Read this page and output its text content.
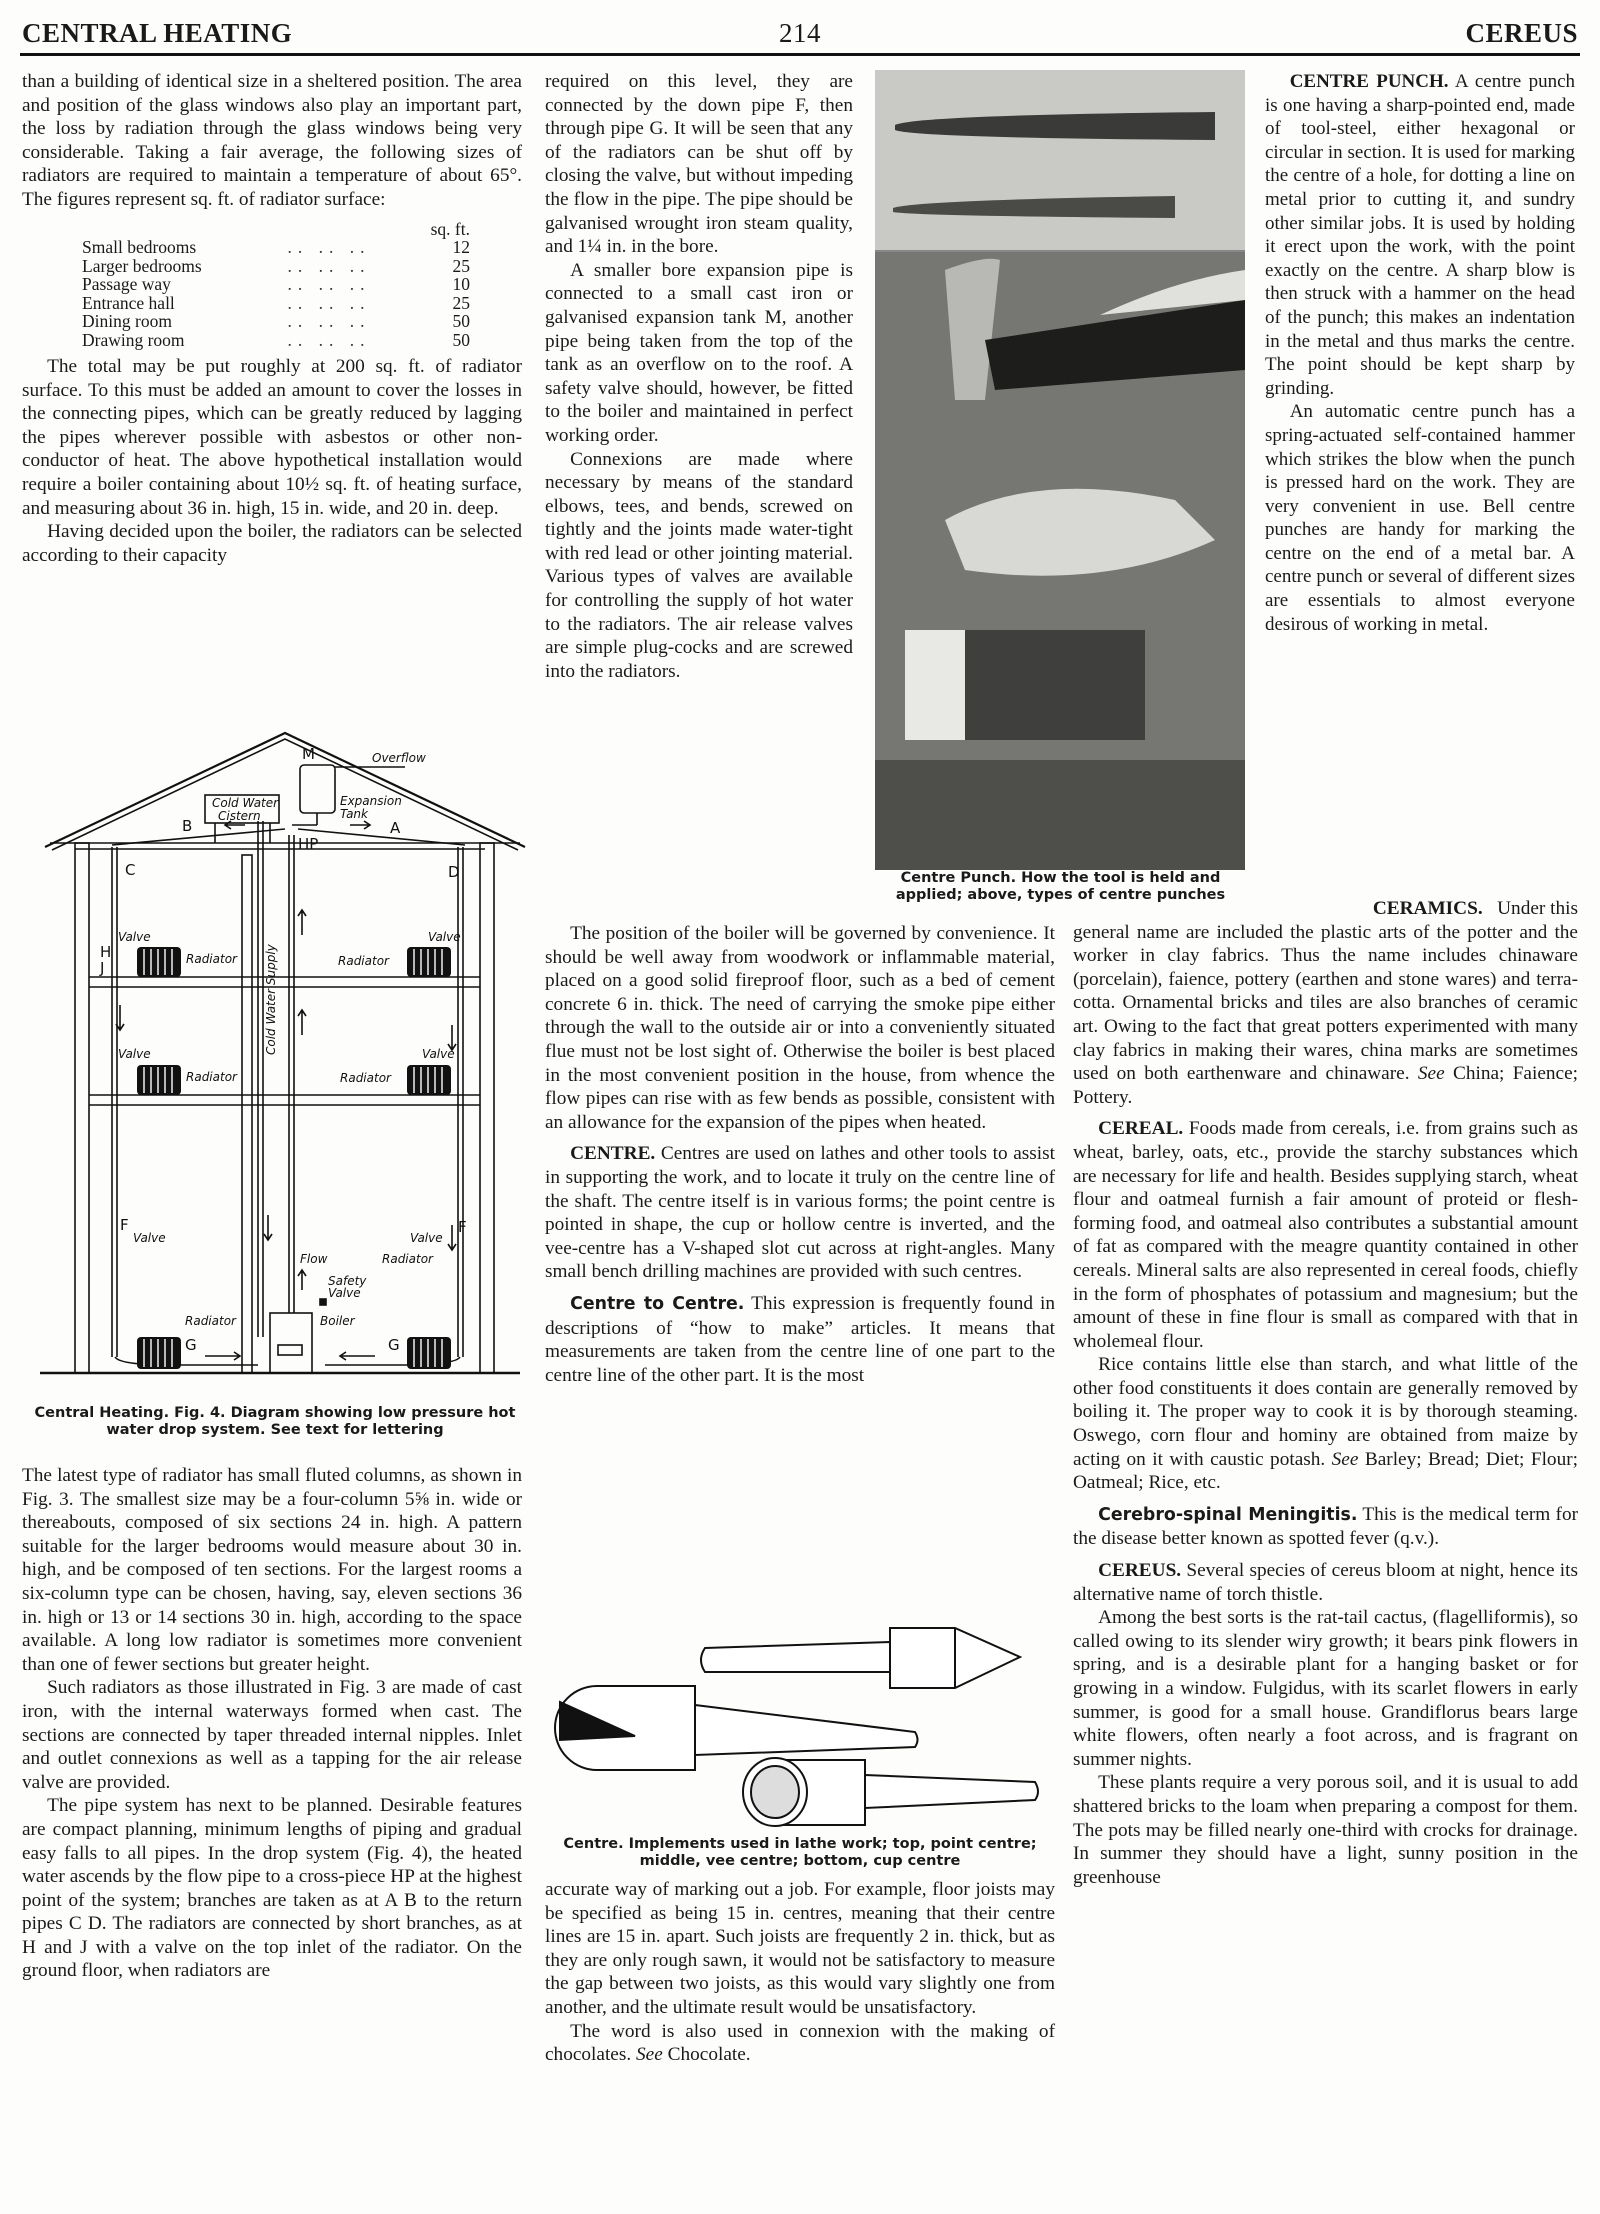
CENTRAL HEATING	214	CEREUS

than a building of identical size in a sheltered position. The area and position of the glass windows also play an important part, the loss by radiation through the glass windows being very considerable. Taking a fair average, the following sizes of radiators are required to maintain a temperature of about 65°. The figures represent sq. ft. of radiator surface:

		sq. ft.
Small bedrooms	.. .. ..	12
Larger bedrooms	.. .. ..	25
Passage way	.. .. ..	10
Entrance hall	.. .. ..	25
Dining room	.. .. ..	50
Drawing room	.. .. ..	50

The total may be put roughly at 200 sq. ft. of radiator surface. To this must be added an amount to cover the losses in the connecting pipes, which can be greatly reduced by lagging the pipes wherever possible with asbestos or other non-conductor of heat. The above hypothetical installation would require a boiler containing about 10½ sq. ft. of heating surface, and measuring about 36 in. high, 15 in. wide, and 20 in. deep.

Having decided upon the boiler, the radiators can be selected according to their capacity

Overflow
M
Cold Water
Cistern
Expansion
Tank
B	A
HP
C	D
H
J
Valve
Radiator
Valve
Radiator
Valve
Radiator
Valve
Radiator
F
Valve
Radiator
G
F
Valve
Radiator
G
Cold Water Supply
Flow
Safety
Valve
Boiler
Central Heating. Fig. 4. Diagram showing low pressure hot water drop system. See text for lettering

The latest type of radiator has small fluted columns, as shown in Fig. 3. The smallest size may be a four-column 5⅝ in. wide or thereabouts, composed of six sections 24 in. high. A pattern suitable for the larger bedrooms would measure about 30 in. high, and be composed of ten sections. For the largest rooms a six-column type can be chosen, having, say, eleven sections 36 in. high or 13 or 14 sections 30 in. high, according to the space available. A long low radiator is sometimes more convenient than one of fewer sections but greater height.

Such radiators as those illustrated in Fig. 3 are made of cast iron, with the internal waterways formed when cast. The sections are connected by taper threaded internal nipples. Inlet and outlet connexions as well as a tapping for the air release valve are provided.

The pipe system has next to be planned. Desirable features are compact planning, minimum lengths of piping and gradual easy falls to all pipes. In the drop system (Fig. 4), the heated water ascends by the flow pipe to a cross-piece HP at the highest point of the system; branches are taken as at A B to the return pipes C D. The radiators are connected by short branches, as at H and J with a valve on the top inlet of the radiator. On the ground floor, when radiators are

required on this level, they are connected by the down pipe F, then through pipe G. It will be seen that any of the radiators can be shut off by closing the valve, but without impeding the flow in the pipe. The pipe should be galvanised wrought iron steam quality, and 1¼ in. in the bore.

A smaller bore expansion pipe is connected to a small cast iron or galvanised expansion tank M, another pipe being taken from the top of the tank as an overflow on to the roof. A safety valve should, however, be fitted to the boiler and maintained in perfect working order.

Connexions are made where necessary by means of the standard elbows, tees, and bends, screwed on tightly and the joints made water-tight with red lead or other jointing material. Various types of valves are available for controlling the supply of hot water to the radiators. The air release valves are simple plug-cocks and are screwed into the radiators.

Centre Punch. How the tool is held and applied; above, types of centre punches

The position of the boiler will be governed by convenience. It should be well away from woodwork or inflammable material, placed on a good solid fireproof floor, such as a bed of cement concrete 6 in. thick. The need of carrying the smoke pipe either through the wall to the outside air or into a conveniently situated flue must not be lost sight of. Otherwise the boiler is best placed in the most convenient position in the house, from whence the flow pipes can rise with as few bends as possible, consistent with an allowance for the expansion of the pipes when heated.

CENTRE. Centres are used on lathes and other tools to assist in supporting the work, and to locate it truly on the centre line of the shaft. The centre itself is in various forms; the point centre is pointed in shape, the cup or hollow centre is inverted, and the vee-centre has a V-shaped slot cut across at right-angles. Many small bench drilling machines are provided with such centres.

Centre to Centre. This expression is frequently found in descriptions of “how to make” articles. It means that measurements are taken from the centre line of one part to the centre line of the other part. It is the most

Centre. Implements used in lathe work; top, point centre; middle, vee centre; bottom, cup centre

accurate way of marking out a job. For example, floor joists may be specified as being 15 in. centres, meaning that their centre lines are 15 in. apart. Such joists are frequently 2 in. thick, but as they are only rough sawn, it would not be satisfactory to measure the gap between two joists, as this would vary slightly one from another, and the ultimate result would be unsatisfactory.

The word is also used in connexion with the making of chocolates. See Chocolate.

CENTRE PUNCH. A centre punch is one having a sharp-pointed end, made of tool-steel, either hexagonal or circular in section. It is used for marking the centre of a hole, for dotting a line on metal prior to cutting it, and sundry other similar jobs. It is used by holding it erect upon the work, with the point exactly on the centre. A sharp blow is then struck with a hammer on the head of the punch; this makes an indentation in the metal and thus marks the centre. The point should be kept sharp by grinding.

An automatic centre punch has a spring-actuated self-contained hammer which strikes the blow when the punch is pressed hard on the work. They are very convenient in use. Bell centre punches are handy for marking the centre on the end of a metal bar. A centre punch or several of different sizes are essentials to almost everyone desirous of working in metal.

CERAMICS. Under this

general name are included the plastic arts of the potter and the worker in clay fabrics. Thus the name includes chinaware (porcelain), faience, pottery (earthen and stone wares) and terra-cotta. Ornamental bricks and tiles are also branches of ceramic art. Owing to the fact that great potters experimented with many clay fabrics in making their wares, china marks are sometimes used on both earthenware and chinaware. See China; Faience; Pottery.

CEREAL. Foods made from cereals, i.e. from grains such as wheat, barley, oats, etc., provide the starchy substances which are necessary for life and health. Besides supplying starch, wheat flour and oatmeal furnish a fair amount of proteid or flesh-forming food, and oatmeal also contributes a substantial amount of fat as compared with the meagre quantity contained in other cereals. Mineral salts are also represented in cereal foods, chiefly in the form of phosphates of potassium and magnesium; but the amount of these in fine flour is small as compared with that in wholemeal flour.

Rice contains little else than starch, and what little of the other food constituents it does contain are generally removed by boiling it. The proper way to cook it is by thorough steaming. Oswego, corn flour and hominy are obtained from maize by acting on it with caustic potash. See Barley; Bread; Diet; Flour; Oatmeal; Rice, etc.

Cerebro-spinal Meningitis. This is the medical term for the disease better known as spotted fever (q.v.).

CEREUS. Several species of cereus bloom at night, hence its alternative name of torch thistle.

Among the best sorts is the rat-tail cactus, (flagelliformis), so called owing to its slender wiry growth; it bears pink flowers in spring, and is a desirable plant for a hanging basket or for growing in a window. Fulgidus, with its scarlet flowers in early summer, is good for a small house. Grandiflorus bears large white flowers, often nearly a foot across, and is fragrant on summer nights.

These plants require a very porous soil, and it is usual to add shattered bricks to the loam when preparing a compost for them. The pots may be filled nearly one-third with crocks for drainage. In summer they should have a light, sunny position in the greenhouse
